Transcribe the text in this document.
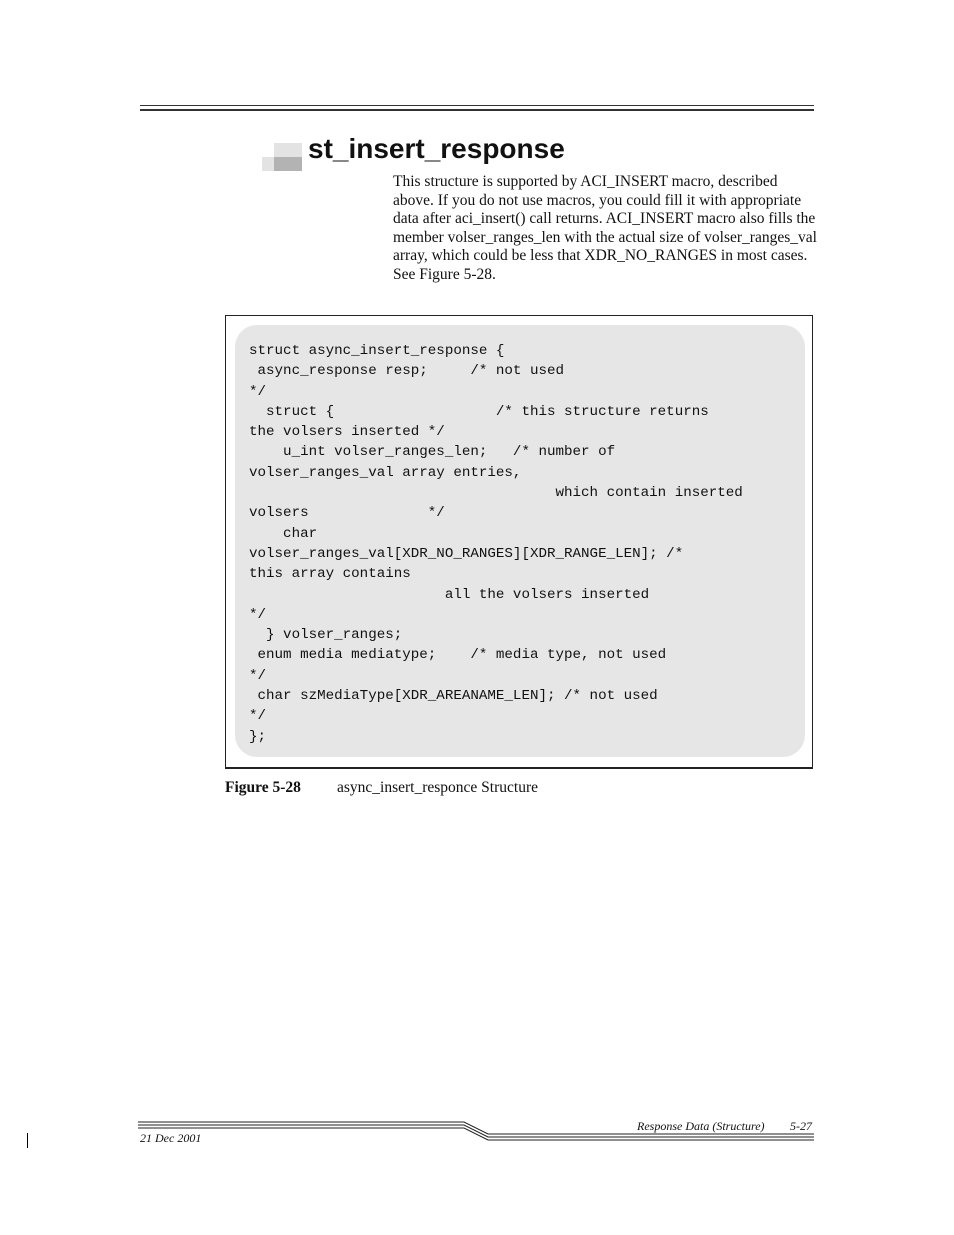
st_insert_response

This structure is supported by ACI_INSERT macro, described above. If you do not use macros, you could fill it with appropriate data after aci_insert() call returns. ACI_INSERT macro also fills the member volser_ranges_len with the actual size of volser_ranges_val array, which could be less that XDR_NO_RANGES in most cases. See Figure 5-28.

struct async_insert_response {
async_response resp;     /* not used
*/
struct {                   /* this structure returns
the volsers inserted */
u_int volser_ranges_len;   /* number of
volser_ranges_val array entries,
which contain inserted
volsers              */
char
volser_ranges_val[XDR_NO_RANGES][XDR_RANGE_LEN]; /*
this array contains
all the volsers inserted
*/
} volser_ranges;
enum media mediatype;    /* media type, not used
*/
char szMediaType[XDR_AREANAME_LEN]; /* not used
*/
};
Figure 5-28 async_insert_responce Structure
Response Data (Structure) 5-27
21 Dec 2001
